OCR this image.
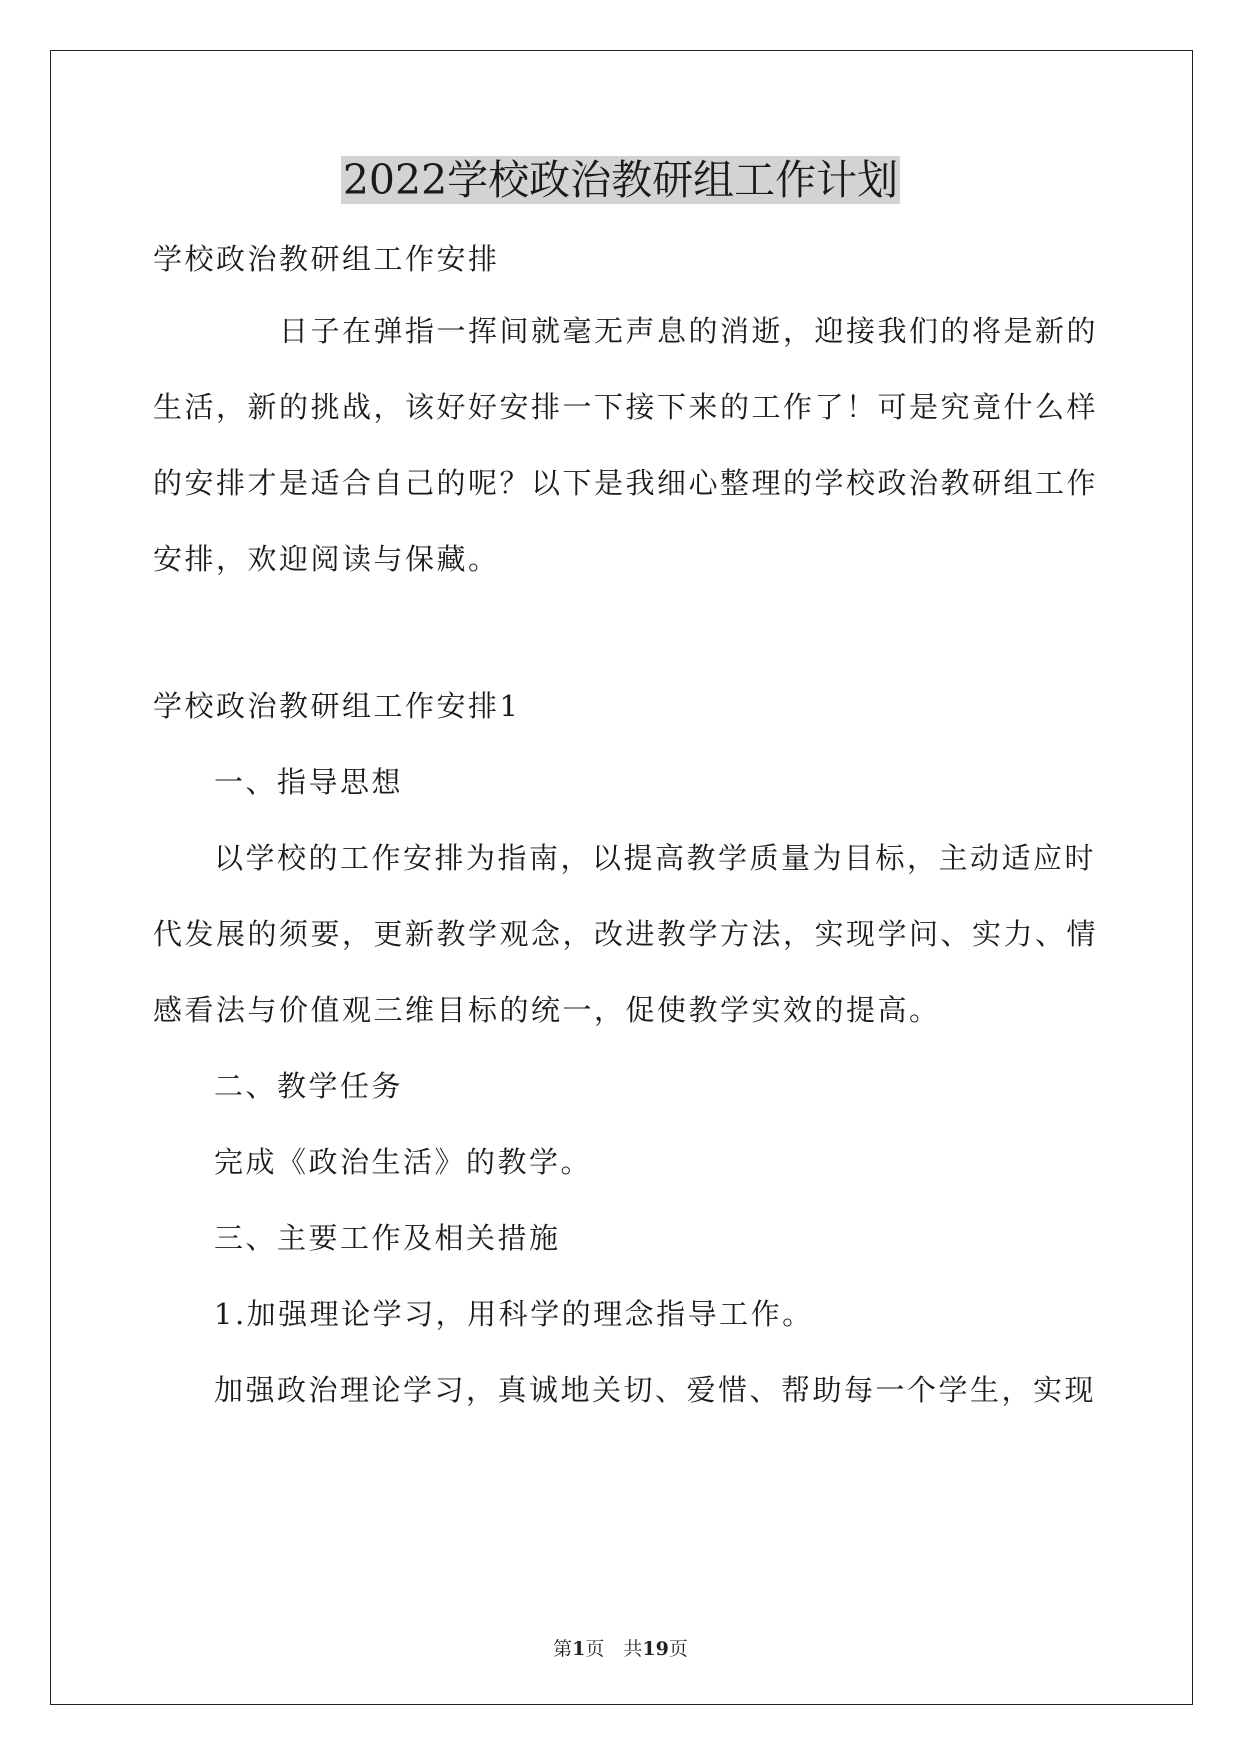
2022学校政治教研组工作计划
学校政治教研组工作安排
日子在弹指一挥间就毫无声息的消逝，迎接我们的将是新的
生活，新的挑战，该好好安排一下接下来的工作了！可是究竟什么样
的安排才是适合自己的呢？以下是我细心整理的学校政治教研组工作
安排，欢迎阅读与保藏。
学校政治教研组工作安排1
一、指导思想
以学校的工作安排为指南，以提高教学质量为目标，主动适应时
代发展的须要，更新教学观念，改进教学方法，实现学问、实力、情
感看法与价值观三维目标的统一，促使教学实效的提高。
二、教学任务
完成《政治生活》的教学。
三、主要工作及相关措施
1.加强理论学习，用科学的理念指导工作。
加强政治理论学习，真诚地关切、爱惜、帮助每一个学生，实现
第1页　共19页
